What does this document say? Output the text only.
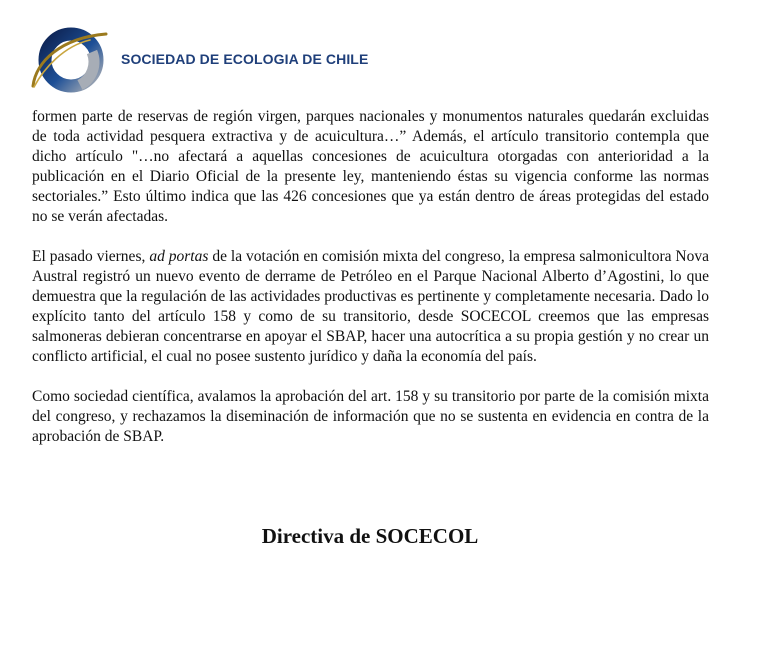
SOCIEDAD DE ECOLOGIA DE CHILE

formen parte de reservas de región virgen, parques nacionales y monumentos naturales quedarán excluidas de toda actividad pesquera extractiva y de acuicultura…” Además, el artículo transitorio contempla que dicho artículo "…no afectará a aquellas concesiones de acuicultura otorgadas con anterioridad a la publicación en el Diario Oficial de la presente ley, manteniendo éstas su vigencia conforme las normas sectoriales.” Esto último indica que las 426 concesiones que ya están dentro de áreas protegidas del estado no se verán afectadas.

El pasado viernes, ad portas de la votación en comisión mixta del congreso, la empresa salmonicultora Nova Austral registró un nuevo evento de derrame de Petróleo en el Parque Nacional Alberto d’Agostini, lo que demuestra que la regulación de las actividades productivas es pertinente y completamente necesaria. Dado lo explícito tanto del artículo 158 y como de su transitorio, desde SOCECOL creemos que las empresas salmoneras debieran concentrarse en apoyar el SBAP, hacer una autocrítica a su propia gestión y no crear un conflicto artificial, el cual no posee sustento jurídico y daña la economía del país.

Como sociedad científica, avalamos la aprobación del art. 158 y su transitorio por parte de la comisión mixta del congreso, y rechazamos la diseminación de información que no se sustenta en evidencia en contra de la aprobación de SBAP.

Directiva de SOCECOL
